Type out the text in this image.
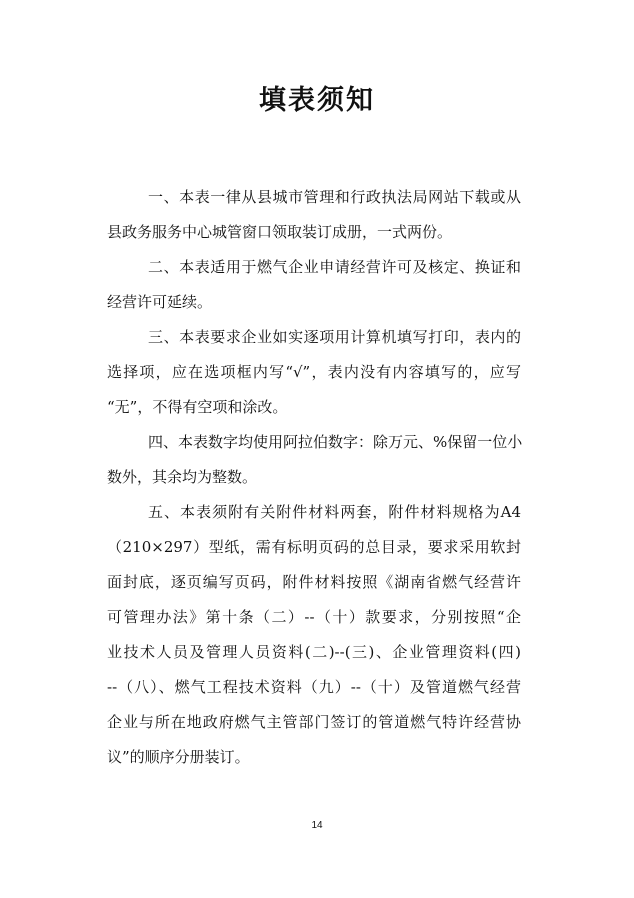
填表须知
一、本表一律从县城市管理和行政执法局网站下载或从
县政务服务中心城管窗口领取装订成册，一式两份。
二、本表适用于燃气企业申请经营许可及核定、换证和
经营许可延续。
三、本表要求企业如实逐项用计算机填写打印，表内的
选择项，应在选项框内写“√”，表内没有内容填写的，应写
“无”，不得有空项和涂改。
四、本表数字均使用阿拉伯数字：除万元、%保留一位小
数外，其余均为整数。
五、本表须附有关附件材料两套，附件材料规格为A4
（210×297）型纸，需有标明页码的总目录，要求采用软封
面封底，逐页编写页码，附件材料按照《湖南省燃气经营许
可管理办法》第十条（二）--（十）款要求，分别按照“企
业技术人员及管理人员资料(二)--(三)、企业管理资料(四)
--（八）、燃气工程技术资料（九）--（十）及管道燃气经营
企业与所在地政府燃气主管部门签订的管道燃气特许经营协
议”的顺序分册装订。
14
